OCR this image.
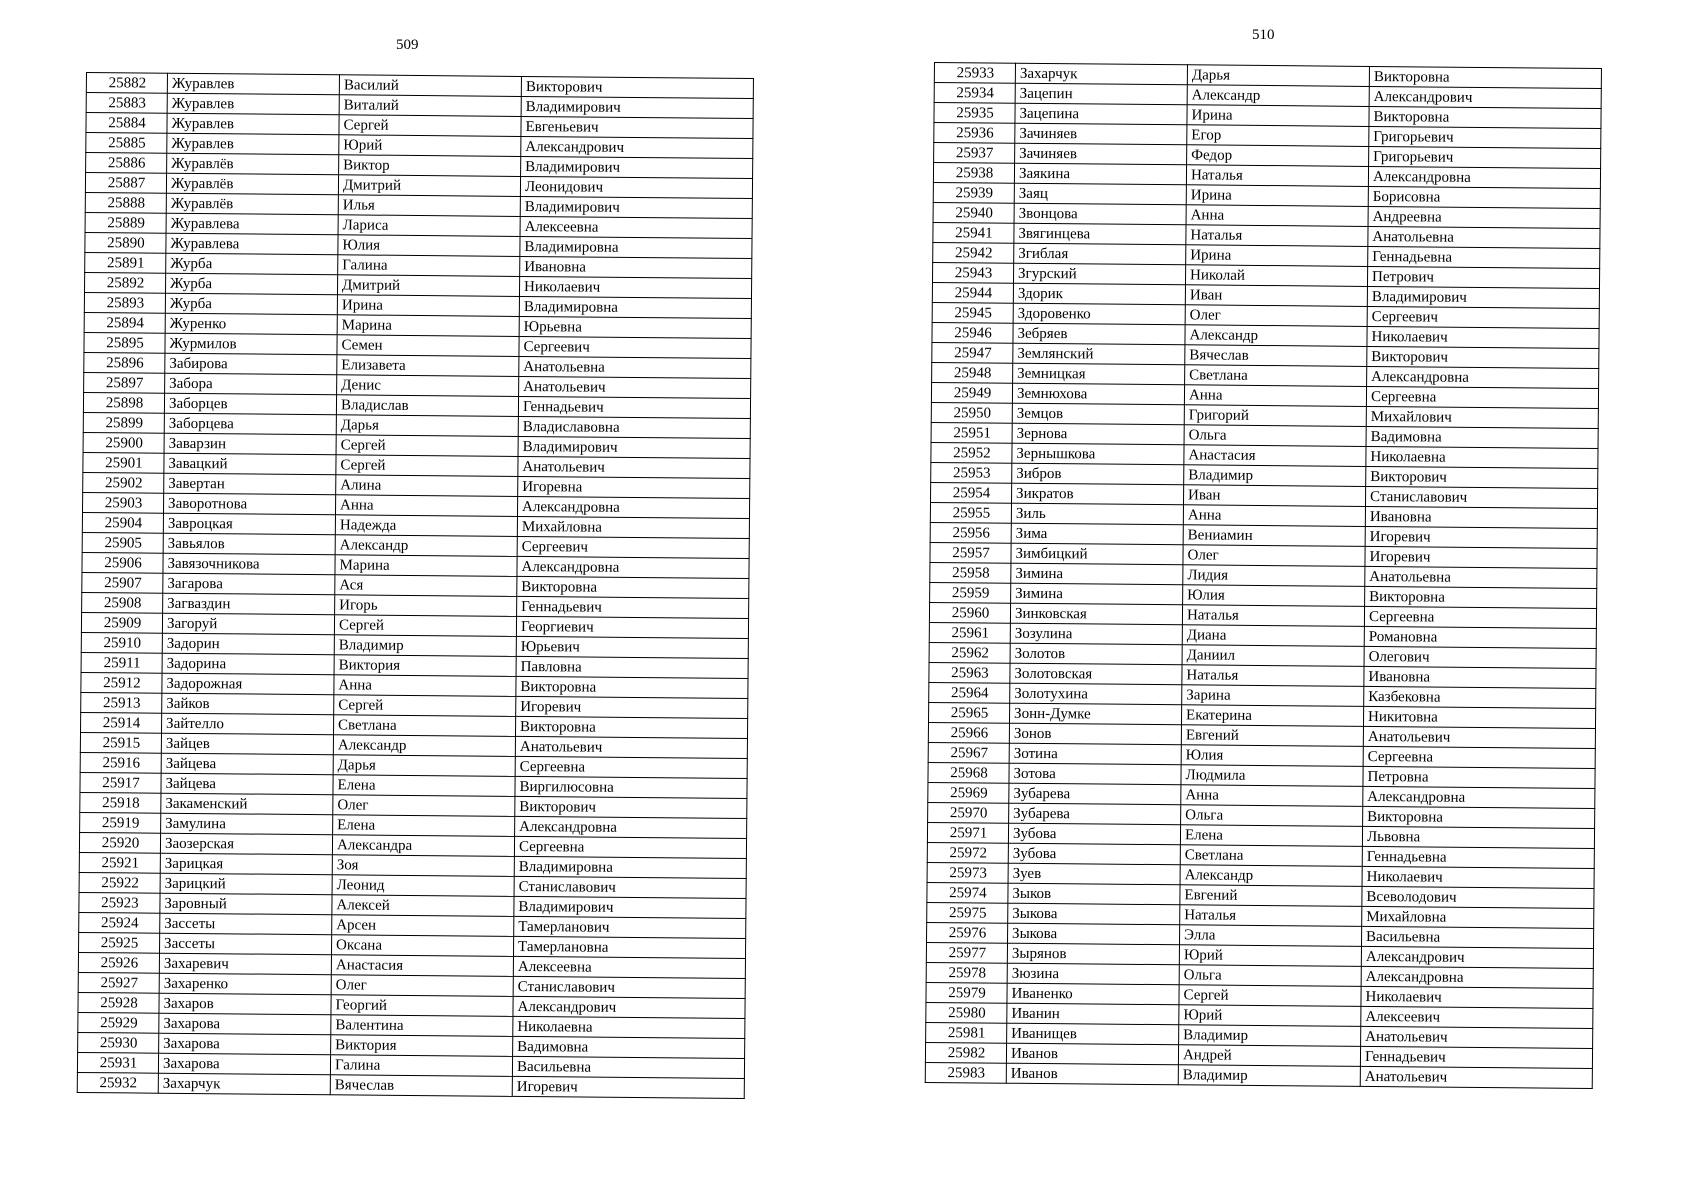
509
510
25882	Журавлев	Василий	Викторович
25883	Журавлев	Виталий	Владимирович
25884	Журавлев	Сергей	Евгеньевич
25885	Журавлев	Юрий	Александрович
25886	Журавлёв	Виктор	Владимирович
25887	Журавлёв	Дмитрий	Леонидович
25888	Журавлёв	Илья	Владимирович
25889	Журавлева	Лариса	Алексеевна
25890	Журавлева	Юлия	Владимировна
25891	Журба	Галина	Ивановна
25892	Журба	Дмитрий	Николаевич
25893	Журба	Ирина	Владимировна
25894	Журенко	Марина	Юрьевна
25895	Журмилов	Семен	Сергеевич
25896	Забирова	Елизавета	Анатольевна
25897	Забора	Денис	Анатольевич
25898	Заборцев	Владислав	Геннадьевич
25899	Заборцева	Дарья	Владиславовна
25900	Заварзин	Сергей	Владимирович
25901	Завацкий	Сергей	Анатольевич
25902	Завертан	Алина	Игоревна
25903	Заворотнова	Анна	Александровна
25904	Завроцкая	Надежда	Михайловна
25905	Завьялов	Александр	Сергеевич
25906	Завязочникова	Марина	Александровна
25907	Загарова	Ася	Викторовна
25908	Загваздин	Игорь	Геннадьевич
25909	Загоруй	Сергей	Георгиевич
25910	Задорин	Владимир	Юрьевич
25911	Задорина	Виктория	Павловна
25912	Задорожная	Анна	Викторовна
25913	Зайков	Сергей	Игоревич
25914	Зайтелло	Светлана	Викторовна
25915	Зайцев	Александр	Анатольевич
25916	Зайцева	Дарья	Сергеевна
25917	Зайцева	Елена	Виргилюсовна
25918	Закаменский	Олег	Викторович
25919	Замулина	Елена	Александровна
25920	Заозерская	Александра	Сергеевна
25921	Зарицкая	Зоя	Владимировна
25922	Зарицкий	Леонид	Станиславович
25923	Заровный	Алексей	Владимирович
25924	Зассеты	Арсен	Тамерланович
25925	Зассеты	Оксана	Тамерлановна
25926	Захаревич	Анастасия	Алексеевна
25927	Захаренко	Олег	Станиславович
25928	Захаров	Георгий	Александрович
25929	Захарова	Валентина	Николаевна
25930	Захарова	Виктория	Вадимовна
25931	Захарова	Галина	Васильевна
25932	Захарчук	Вячеслав	Игоревич
25933	Захарчук	Дарья	Викторовна
25934	Зацепин	Александр	Александрович
25935	Зацепина	Ирина	Викторовна
25936	Зачиняев	Егор	Григорьевич
25937	Зачиняев	Федор	Григорьевич
25938	Заякина	Наталья	Александровна
25939	Заяц	Ирина	Борисовна
25940	Звонцова	Анна	Андреевна
25941	Звягинцева	Наталья	Анатольевна
25942	Згиблая	Ирина	Геннадьевна
25943	Згурский	Николай	Петрович
25944	Здорик	Иван	Владимирович
25945	Здоровенко	Олег	Сергеевич
25946	Зебряев	Александр	Николаевич
25947	Землянский	Вячеслав	Викторович
25948	Земницкая	Светлана	Александровна
25949	Земнюхова	Анна	Сергеевна
25950	Земцов	Григорий	Михайлович
25951	Зернова	Ольга	Вадимовна
25952	Зернышкова	Анастасия	Николаевна
25953	Зибров	Владимир	Викторович
25954	Зикратов	Иван	Станиславович
25955	Зиль	Анна	Ивановна
25956	Зима	Вениамин	Игоревич
25957	Зимбицкий	Олег	Игоревич
25958	Зимина	Лидия	Анатольевна
25959	Зимина	Юлия	Викторовна
25960	Зинковская	Наталья	Сергеевна
25961	Зозулина	Диана	Романовна
25962	Золотов	Даниил	Олегович
25963	Золотовская	Наталья	Ивановна
25964	Золотухина	Зарина	Казбековна
25965	Зонн-Думке	Екатерина	Никитовна
25966	Зонов	Евгений	Анатольевич
25967	Зотина	Юлия	Сергеевна
25968	Зотова	Людмила	Петровна
25969	Зубарева	Анна	Александровна
25970	Зубарева	Ольга	Викторовна
25971	Зубова	Елена	Львовна
25972	Зубова	Светлана	Геннадьевна
25973	Зуев	Александр	Николаевич
25974	Зыков	Евгений	Всеволодович
25975	Зыкова	Наталья	Михайловна
25976	Зыкова	Элла	Васильевна
25977	Зырянов	Юрий	Александрович
25978	Зюзина	Ольга	Александровна
25979	Иваненко	Сергей	Николаевич
25980	Иванин	Юрий	Алексеевич
25981	Иванищев	Владимир	Анатольевич
25982	Иванов	Андрей	Геннадьевич
25983	Иванов	Владимир	Анатольевич
